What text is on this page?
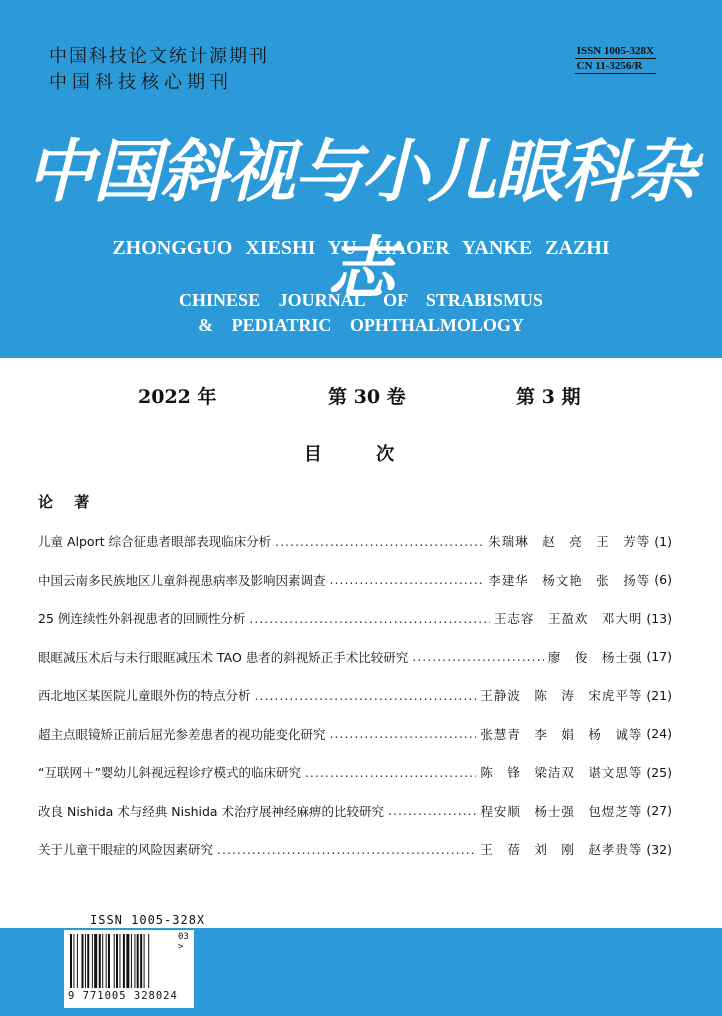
中国科技论文统计源期刊
中国科技核心期刊
ISSN 1005-328X
CN 11-3256/R
中国斜视与小儿眼科杂志
ZHONGGUO XIESHI YU XIAOER YANKE ZAZHI
CHINESE JOURNAL OF STRABISMUS
& PEDIATRIC OPHTHALMOLOGY
2022 年	第 30 卷	第 3 期
目 次
论 著
儿童 Alport 综合征患者眼部表现临床分析 .....	朱瑞琳　赵　亮　王　芳等 (1)
中国云南多民族地区儿童斜视患病率及影响因素调查 .....	李建华　杨文艳　张　扬等 (6)
25 例连续性外斜视患者的回顾性分析 .....	王志容　王盈欢　邓大明 (13)
眼眶减压术后与未行眼眶减压术 TAO 患者的斜视矫正手术比较研究 .....	廖　俊　杨士强 (17)
西北地区某医院儿童眼外伤的特点分析 .....	王静波　陈　涛　宋虎平等 (21)
超主点眼镜矫正前后屈光参差患者的视功能变化研究 .....	张慧青　李　娟　杨　诚等 (24)
“互联网＋”婴幼儿斜视远程诊疗模式的临床研究 .....	陈　锋　梁洁双　谌文思等 (25)
改良 Nishida 术与经典 Nishida 术治疗展神经麻痹的比较研究 .....	程安顺　杨士强　包煜芝等 (27)
关于儿童干眼症的风险因素研究 .....	王　蓓　刘　刚　赵孝贵等 (32)
ISSN 1005-328X
9 771005 328024
03 >
